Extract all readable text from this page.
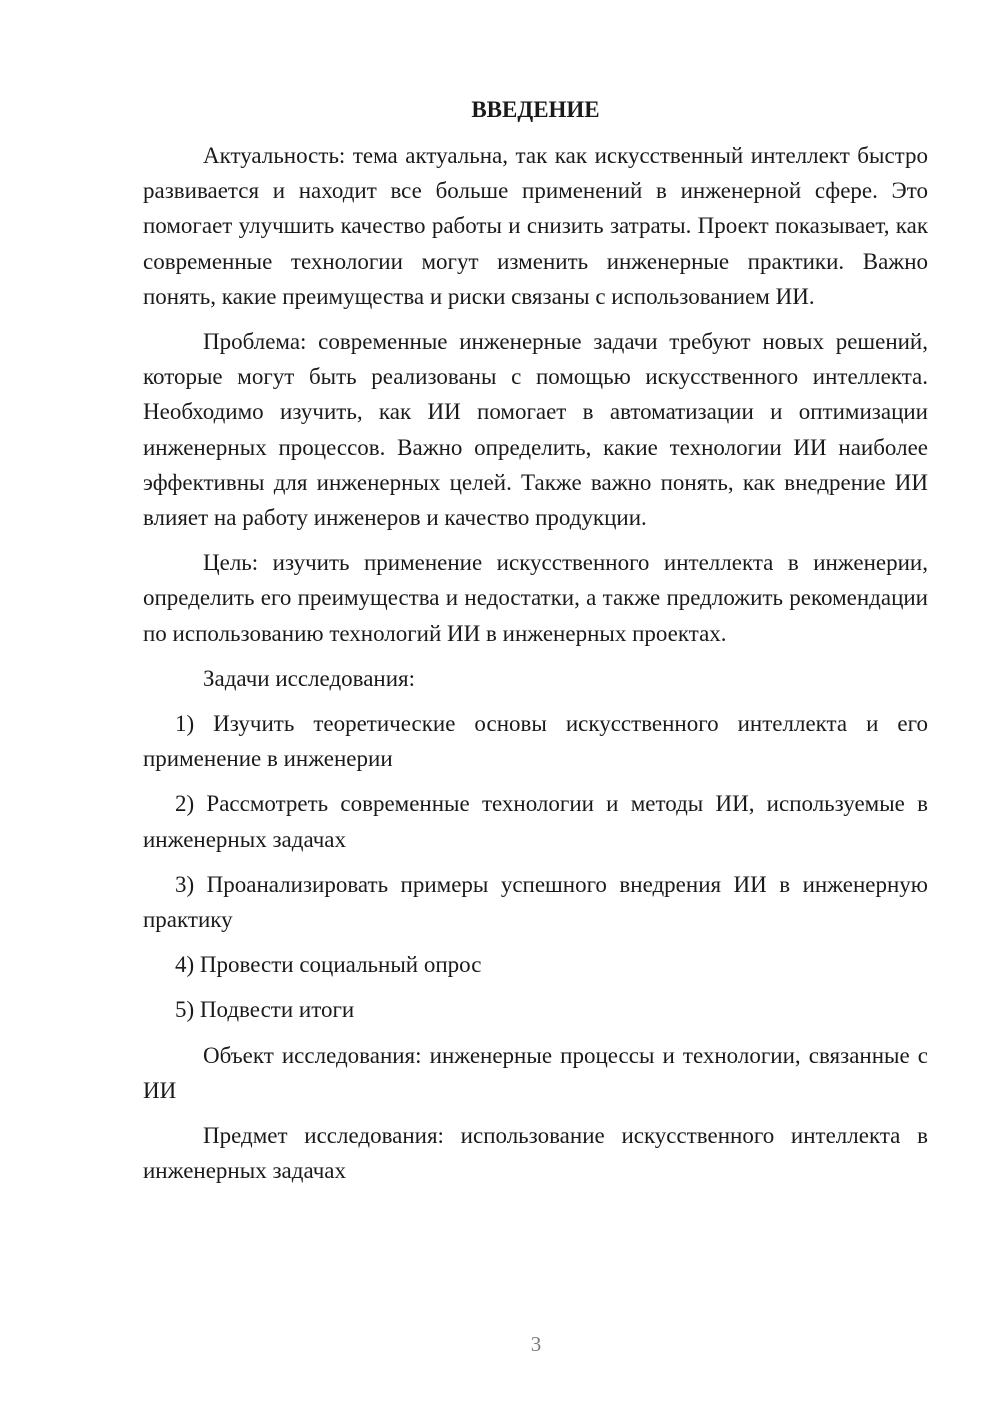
ВВЕДЕНИЕ

Актуальность: тема актуальна, так как искусственный интеллект быстро развивается и находит все больше применений в инженерной сфере. Это помогает улучшить качество работы и снизить затраты. Проект показывает, как современные технологии могут изменить инженерные практики. Важно понять, какие преимущества и риски связаны с использованием ИИ.

Проблема: современные инженерные задачи требуют новых решений, которые могут быть реализованы с помощью искусственного интеллекта. Необходимо изучить, как ИИ помогает в автоматизации и оптимизации инженерных процессов. Важно определить, какие технологии ИИ наиболее эффективны для инженерных целей. Также важно понять, как внедрение ИИ влияет на работу инженеров и качество продукции.

Цель: изучить применение искусственного интеллекта в инженерии, определить его преимущества и недостатки, а также предложить рекомендации по использованию технологий ИИ в инженерных проектах.

Задачи исследования:

1) Изучить теоретические основы искусственного интеллекта и его применение в инженерии

2) Рассмотреть современные технологии и методы ИИ, используемые в инженерных задачах

3) Проанализировать примеры успешного внедрения ИИ в инженерную практику

4) Провести социальный опрос

5) Подвести итоги

Объект исследования: инженерные процессы и технологии, связанные с ИИ

Предмет исследования: использование искусственного интеллекта в инженерных задачах

3
